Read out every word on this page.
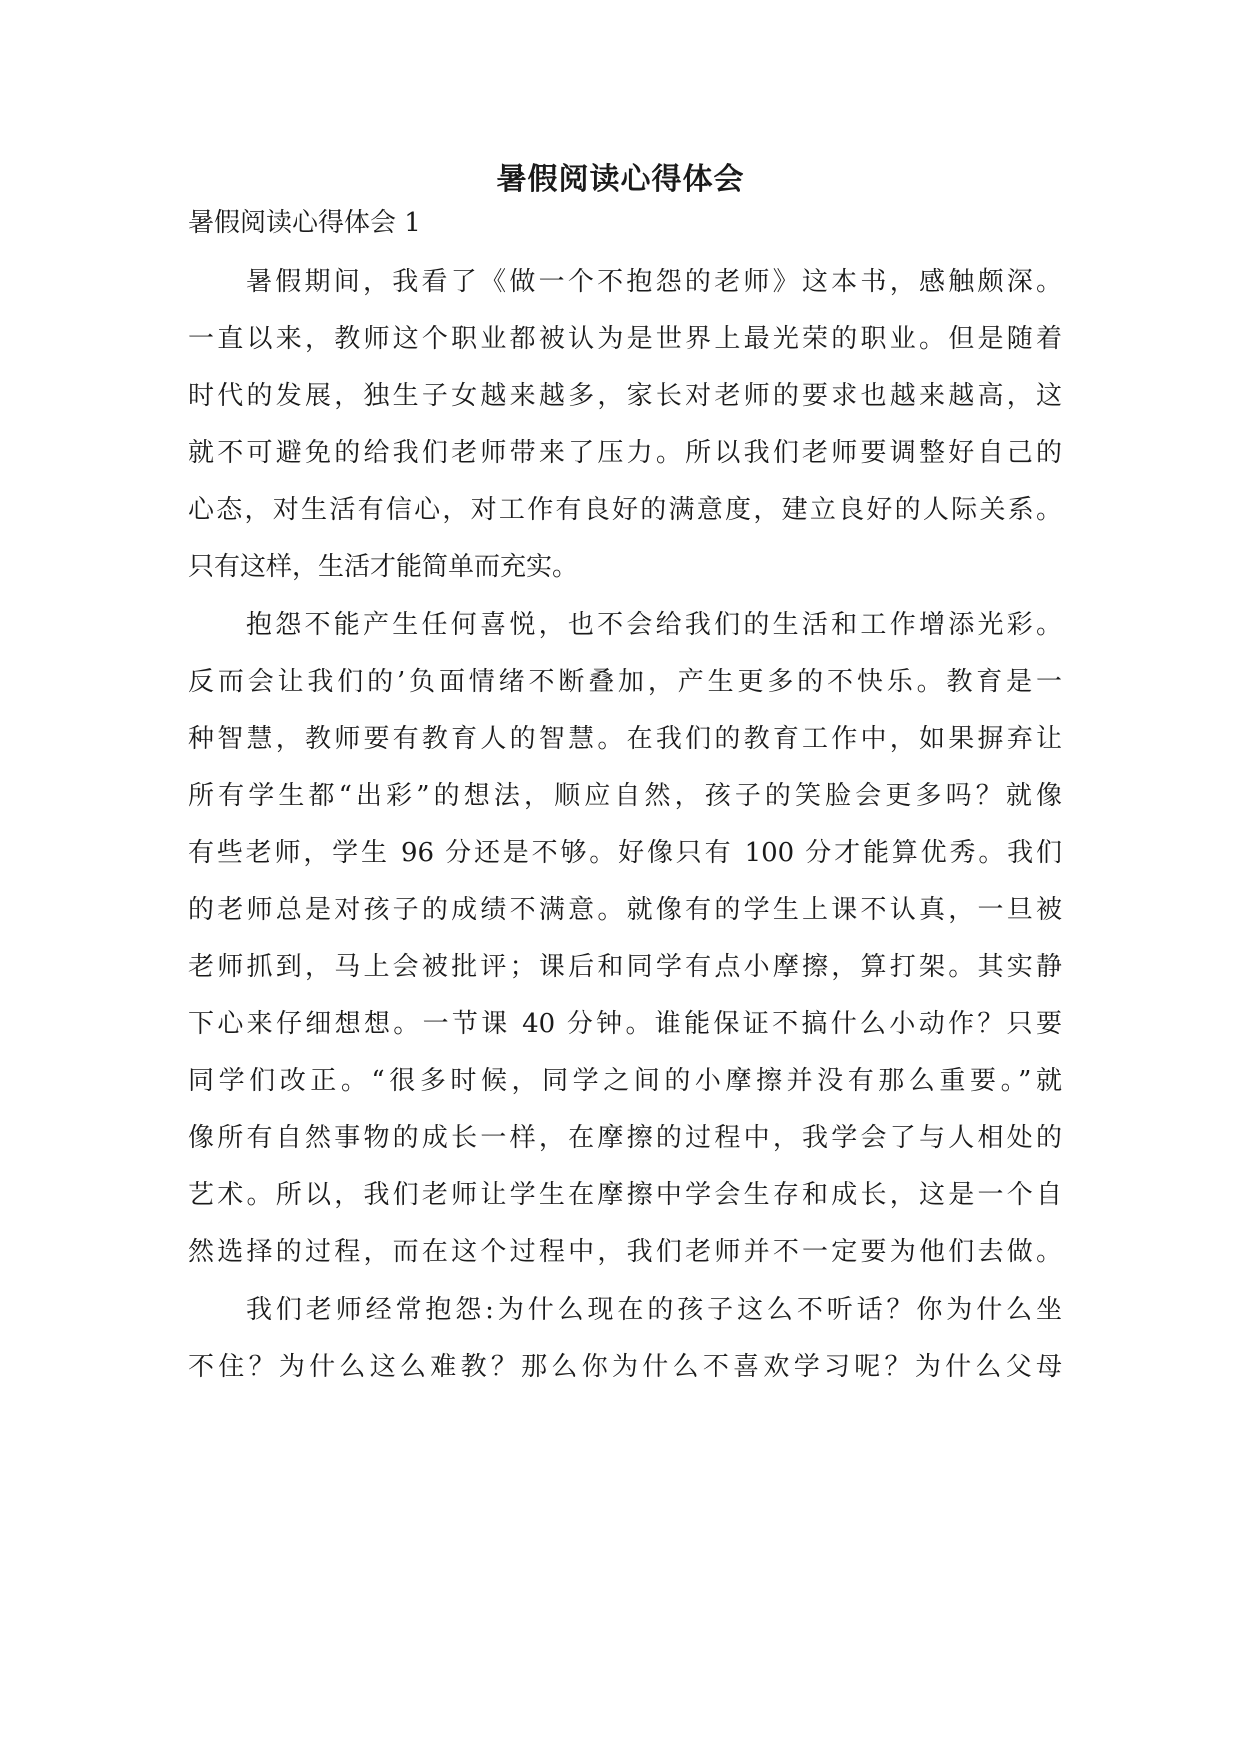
暑假阅读心得体会
暑假阅读心得体会 1
暑假期间，我看了《做一个不抱怨的老师》这本书，感触颇深。
一直以来，教师这个职业都被认为是世界上最光荣的职业。但是随着
时代的发展，独生子女越来越多，家长对老师的要求也越来越高，这
就不可避免的给我们老师带来了压力。所以我们老师要调整好自己的
心态，对生活有信心，对工作有良好的满意度，建立良好的人际关系。
只有这样，生活才能简单而充实。
抱怨不能产生任何喜悦，也不会给我们的生活和工作增添光彩。
反而会让我们的’负面情绪不断叠加，产生更多的不快乐。教育是一
种智慧，教师要有教育人的智慧。在我们的教育工作中，如果摒弃让
所有学生都“出彩”的想法，顺应自然，孩子的笑脸会更多吗？就像
有些老师，学生 96 分还是不够。好像只有 100 分才能算优秀。我们
的老师总是对孩子的成绩不满意。就像有的学生上课不认真，一旦被
老师抓到，马上会被批评；课后和同学有点小摩擦，算打架。其实静
下心来仔细想想。一节课 40 分钟。谁能保证不搞什么小动作？只要
同学们改正。“很多时候，同学之间的小摩擦并没有那么重要。”就
像所有自然事物的成长一样，在摩擦的过程中，我学会了与人相处的
艺术。所以，我们老师让学生在摩擦中学会生存和成长，这是一个自
然选择的过程，而在这个过程中，我们老师并不一定要为他们去做。
我们老师经常抱怨:为什么现在的孩子这么不听话？你为什么坐
不住？为什么这么难教？那么你为什么不喜欢学习呢？为什么父母
